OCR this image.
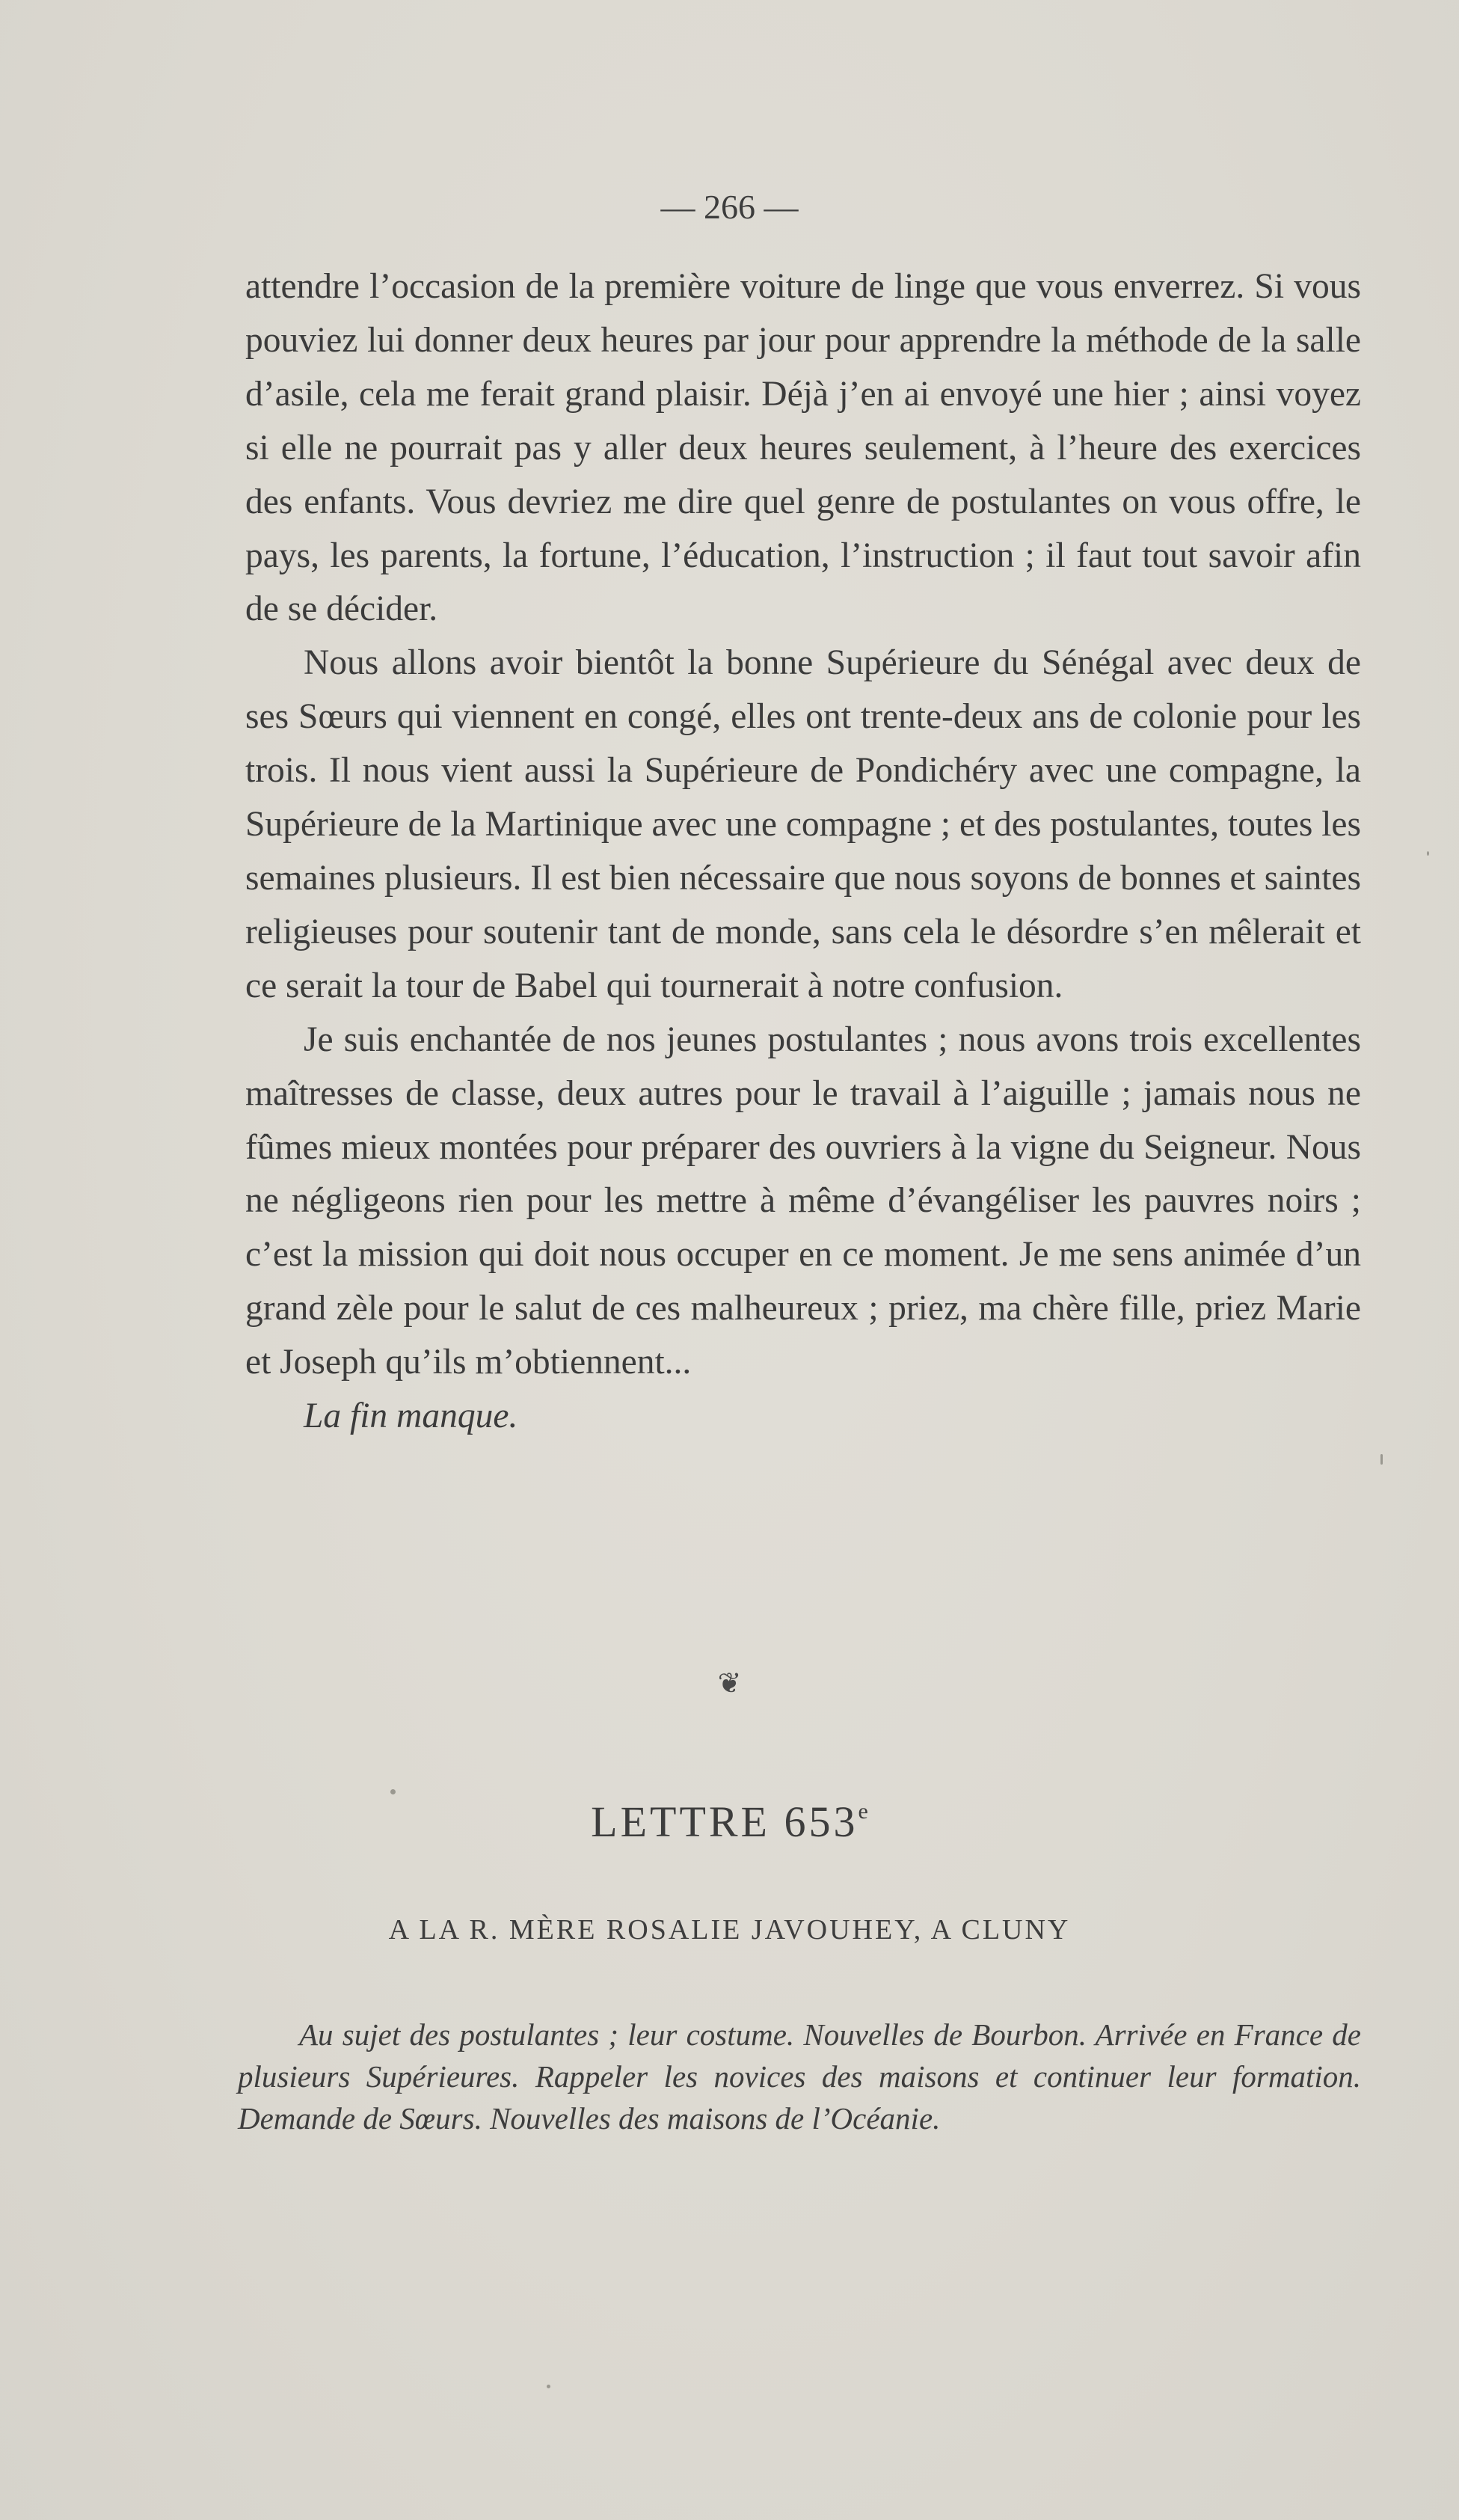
— 266 —

attendre l’occasion de la première voiture de linge que vous enverrez. Si vous pouviez lui donner deux heures par jour pour apprendre la méthode de la salle d’asile, cela me ferait grand plaisir. Déjà j’en ai envoyé une hier ; ainsi voyez si elle ne pourrait pas y aller deux heures seulement, à l’heure des exercices des enfants. Vous devriez me dire quel genre de postulantes on vous offre, le pays, les parents, la fortune, l’éducation, l’instruction ; il faut tout savoir afin de se décider.

Nous allons avoir bientôt la bonne Supérieure du Sénégal avec deux de ses Sœurs qui viennent en congé, elles ont trente-deux ans de colonie pour les trois. Il nous vient aussi la Supérieure de Pondichéry avec une compagne, la Supérieure de la Martinique avec une compagne ; et des postulantes, toutes les semaines plusieurs. Il est bien nécessaire que nous soyons de bonnes et saintes religieuses pour soutenir tant de monde, sans cela le désordre s’en mêlerait et ce serait la tour de Babel qui tournerait à notre confusion.

Je suis enchantée de nos jeunes postulantes ; nous avons trois excellentes maîtresses de classe, deux autres pour le travail à l’aiguille ; jamais nous ne fûmes mieux montées pour préparer des ouvriers à la vigne du Seigneur. Nous ne négligeons rien pour les mettre à même d’évangéliser les pauvres noirs ; c’est la mission qui doit nous occuper en ce moment. Je me sens animée d’un grand zèle pour le salut de ces malheureux ; priez, ma chère fille, priez Marie et Joseph qu’ils m’obtiennent...

La fin manque.

❦
LETTRE 653e
A LA R. MÈRE ROSALIE JAVOUHEY, A CLUNY
Au sujet des postulantes ; leur costume. Nouvelles de Bourbon. Arrivée en France de plusieurs Supérieures. Rappeler les novices des maisons et continuer leur formation. Demande de Sœurs. Nouvelles des maisons de l’Océanie.
